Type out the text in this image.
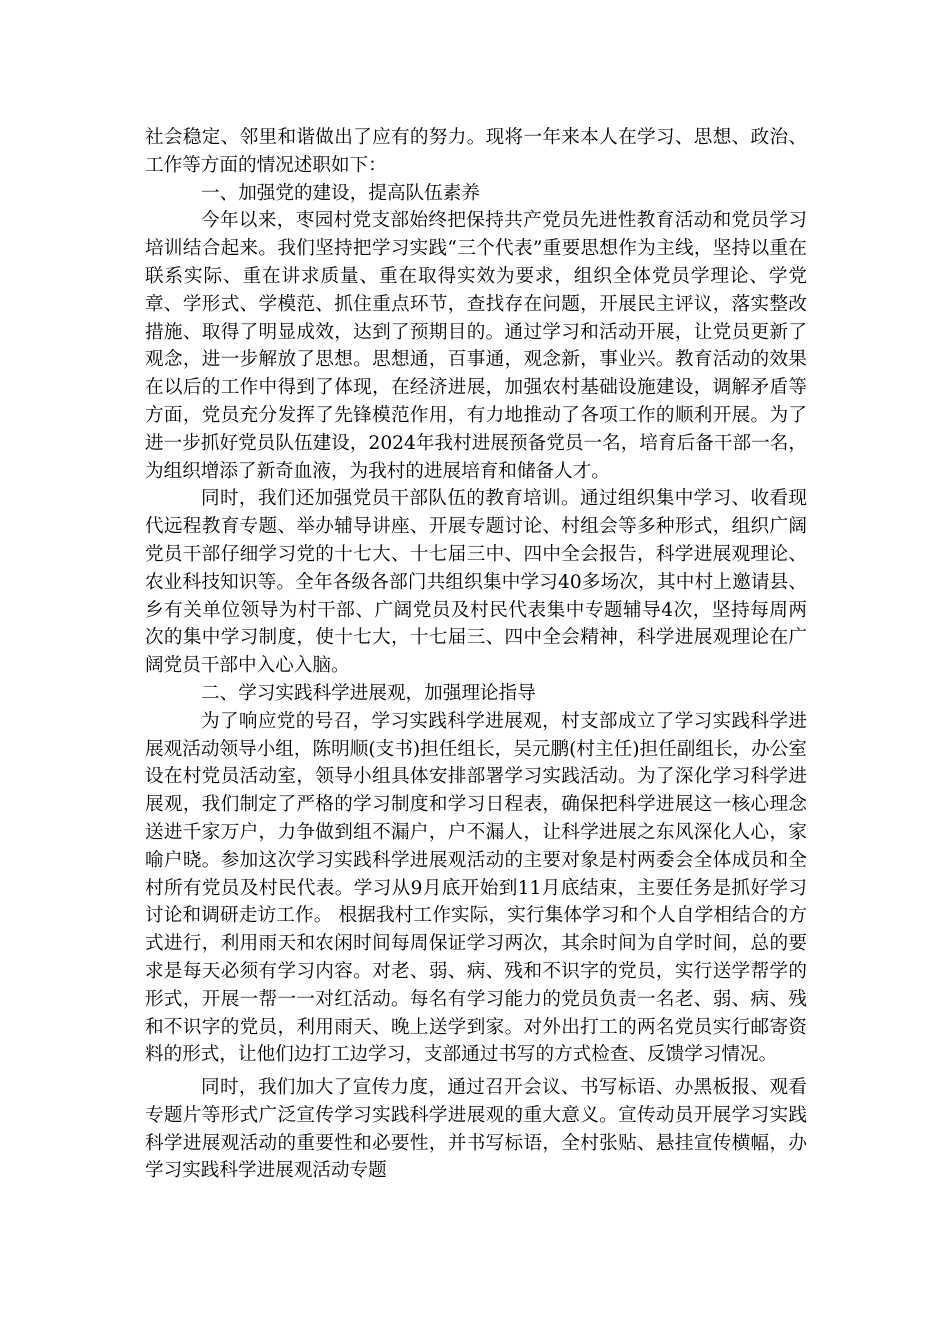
社会稳定、邻里和谐做出了应有的努力。现将一年来本人在学习、思想、政治、工作等方面的情况述职如下：

一、加强党的建设，提高队伍素养

今年以来，枣园村党支部始终把保持共产党员先进性教育活动和党员学习培训结合起来。我们坚持把学习实践“三个代表”重要思想作为主线，坚持以重在联系实际、重在讲求质量、重在取得实效为要求，组织全体党员学理论、学党章、学形式、学模范、抓住重点环节，查找存在问题，开展民主评议，落实整改措施、取得了明显成效，达到了预期目的。通过学习和活动开展，让党员更新了观念，进一步解放了思想。思想通，百事通，观念新，事业兴。教育活动的效果在以后的工作中得到了体现，在经济进展，加强农村基础设施建设，调解矛盾等方面，党员充分发挥了先锋模范作用，有力地推动了各项工作的顺利开展。为了进一步抓好党员队伍建设，2024年我村进展预备党员一名，培育后备干部一名，为组织增添了新奇血液，为我村的进展培育和储备人才。

同时，我们还加强党员干部队伍的教育培训。通过组织集中学习、收看现代远程教育专题、举办辅导讲座、开展专题讨论、村组会等多种形式，组织广阔党员干部仔细学习党的十七大、十七届三中、四中全会报告，科学进展观理论、农业科技知识等。全年各级各部门共组织集中学习40多场次，其中村上邀请县、乡有关单位领导为村干部、广阔党员及村民代表集中专题辅导4次，坚持每周两次的集中学习制度，使十七大，十七届三、四中全会精神，科学进展观理论在广阔党员干部中入心入脑。

二、学习实践科学进展观，加强理论指导

为了响应党的号召，学习实践科学进展观，村支部成立了学习实践科学进展观活动领导小组，陈明顺(支书)担任组长，吴元鹏(村主任)担任副组长，办公室设在村党员活动室，领导小组具体安排部署学习实践活动。为了深化学习科学进展观，我们制定了严格的学习制度和学习日程表，确保把科学进展这一核心理念送进千家万户，力争做到组不漏户，户不漏人，让科学进展之东风深化人心，家喻户晓。参加这次学习实践科学进展观活动的主要对象是村两委会全体成员和全村所有党员及村民代表。学习从9月底开始到11月底结束，主要任务是抓好学习讨论和调研走访工作。 根据我村工作实际，实行集体学习和个人自学相结合的方式进行，利用雨天和农闲时间每周保证学习两次，其余时间为自学时间，总的要求是每天必须有学习内容。对老、弱、病、残和不识字的党员，实行送学帮学的形式，开展一帮一一对红活动。每名有学习能力的党员负责一名老、弱、病、残和不识字的党员，利用雨天、晚上送学到家。对外出打工的两名党员实行邮寄资料的形式，让他们边打工边学习，支部通过书写的方式检查、反馈学习情况。

同时，我们加大了宣传力度，通过召开会议、书写标语、办黑板报、观看专题片等形式广泛宣传学习实践科学进展观的重大意义。宣传动员开展学习实践科学进展观活动的重要性和必要性，并书写标语，全村张贴、悬挂宣传横幅，办学习实践科学进展观活动专题
